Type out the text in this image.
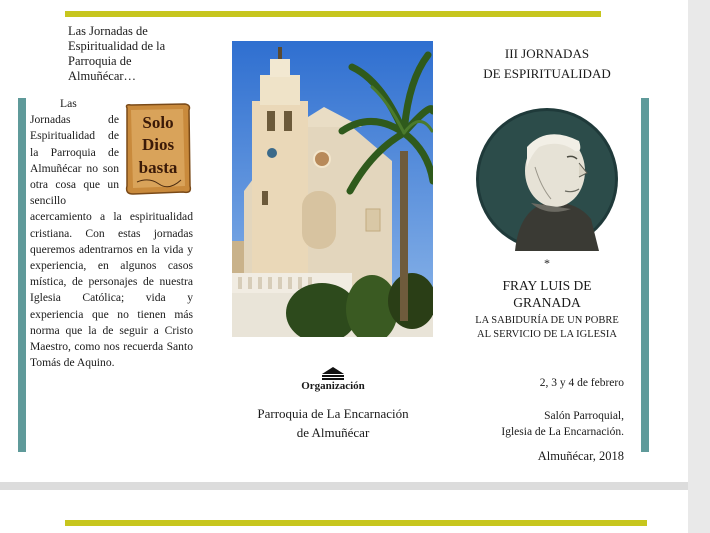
Las Jornadas de Espiritualidad de la Parroquia de Almuñécar…
Solo
Dios
basta
Las Jornadas de Espiritualidad de la Parroquia de Almuñécar no son otra cosa que un sencillo acercamiento a la espiritualidad cristiana. Con estas jornadas queremos adentrarnos en la vida y experiencia, en algunos casos mística, de personajes de nuestra Iglesia Católica; vida y experiencia que no tienen más norma que la de seguir a Cristo Maestro, como nos recuerda Santo Tomás de Aquino.
Organización
Parroquia de La Encarnación
de Almuñécar
III JORNADAS
DE ESPIRITUALIDAD
*
FRAY LUIS DE
GRANADA
LA SABIDURÍA DE UN POBRE
AL SERVICIO DE LA IGLESIA
2, 3 y 4 de febrero
Salón Parroquial,
Iglesia de La Encarnación.
Almuñécar, 2018
